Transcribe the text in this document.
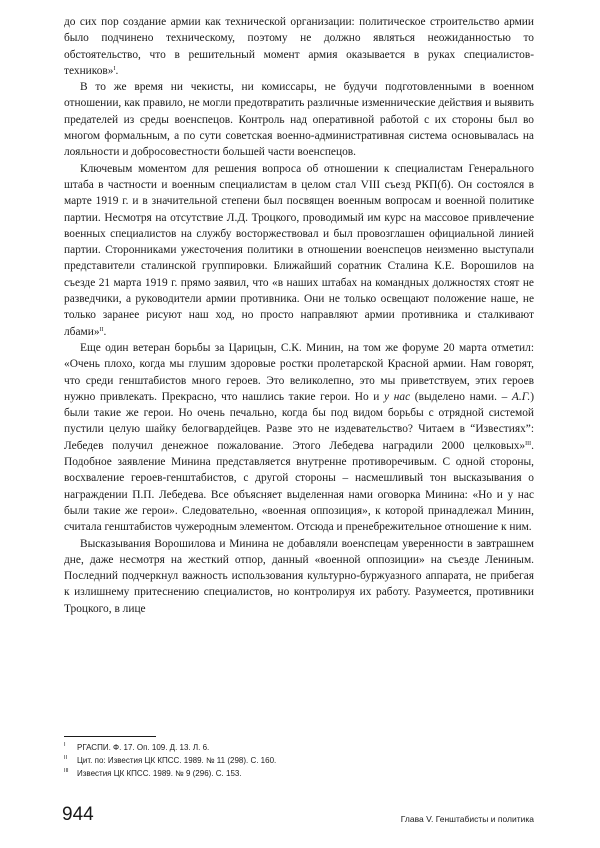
до сих пор создание армии как технической организации: политическое строительство армии было подчинено техническому, поэтому не должно являться неожиданностью то обстоятельство, что в решительный момент армия оказывается в руках специалистов-техников»$^I$.

В то же время ни чекисты, ни комиссары, не будучи подготовленными в военном отношении, как правило, не могли предотвратить различные изменнические действия и выявить предателей из среды военспецов. Контроль над оперативной работой с их стороны был во многом формальным, а по сути советская военно-административная система основывалась на лояльности и добросовестности большей части военспецов.

Ключевым моментом для решения вопроса об отношении к специалистам Генерального штаба в частности и военным специалистам в целом стал VIII съезд РКП(б). Он состоялся в марте 1919 г. и в значительной степени был посвящен военным вопросам и военной политике партии. Несмотря на отсутствие Л.Д. Троцкого, проводимый им курс на массовое привлечение военных специалистов на службу восторжествовал и был провозглашен официальной линией партии. Сторонниками ужесточения политики в отношении военспецов неизменно выступали представители сталинской группировки. Ближайший соратник Сталина К.Е. Ворошилов на съезде 21 марта 1919 г. прямо заявил, что «в наших штабах на командных должностях стоят не разведчики, а руководители армии противника. Они не только освещают положение наше, не только заранее рисуют наш ход, но просто направляют армии противника и сталкивают лбами»$^{II}$.

Еще один ветеран борьбы за Царицын, С.К. Минин, на том же форуме 20 марта отметил: «Очень плохо, когда мы глушим здоровые ростки пролетарской Красной армии. Нам говорят, что среди генштабистов много героев. Это великолепно, это мы приветствуем, этих героев нужно привлекать. Прекрасно, что нашлись такие герои. Но и у нас (выделено нами. – А.Г.) были такие же герои. Но очень печально, когда бы под видом борьбы с отрядной системой пустили целую шайку белогвардейцев. Разве это не издевательство? Читаем в “Известиях”: Лебедев получил денежное пожалование. Этого Лебедева наградили 2000 целковых»$^{III}$. Подобное заявление Минина представляется внутренне противоречивым. С одной стороны, восхваление героев-генштабистов, с другой стороны – насмешливый тон высказывания о награждении П.П. Лебедева. Все объясняет выделенная нами оговорка Минина: «Но и у нас были такие же герои». Следовательно, «военная оппозиция», к которой принадлежал Минин, считала генштабистов чужеродным элементом. Отсюда и пренебрежительное отношение к ним.

Высказывания Ворошилова и Минина не добавляли военспецам уверенности в завтрашнем дне, даже несмотря на жесткий отпор, данный «военной оппозиции» на съезде Лениным. Последний подчеркнул важность использования культурно-буржуазного аппарата, не прибегая к излишнему притеснению специалистов, но контролируя их работу. Разумеется, противники Троцкого, в лице

I	РГАСПИ. Ф. 17. Оп. 109. Д. 13. Л. 6.
II	Цит. по: Известия ЦК КПСС. 1989. № 11 (298). С. 160.
III	Известия ЦК КПСС. 1989. № 9 (296). С. 153.
944	Глава V. Генштабисты и политика
